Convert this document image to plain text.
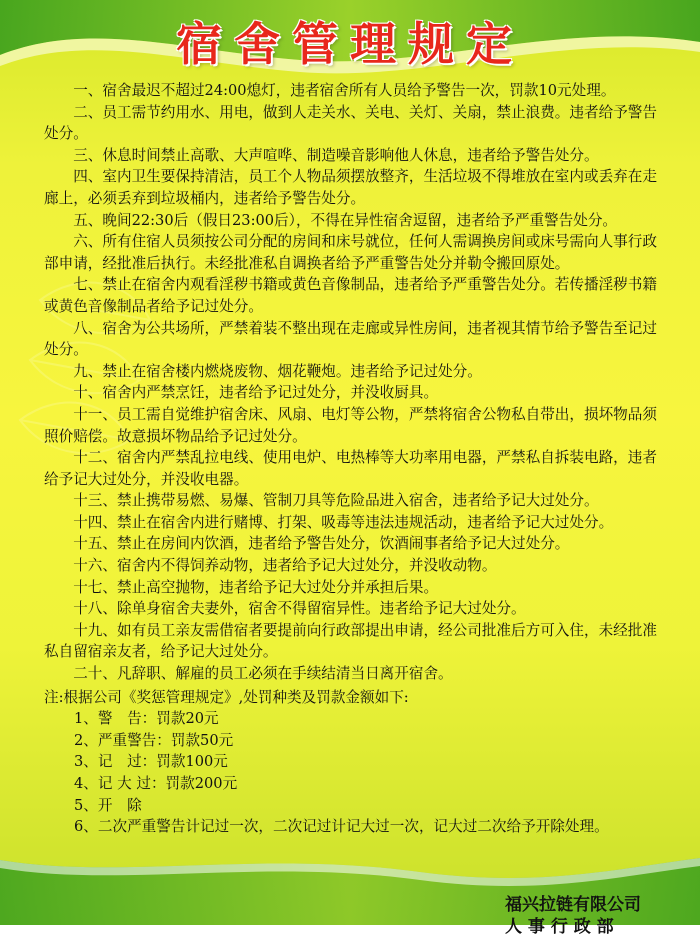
宿舍管理规定
一、宿舍最迟不超过24:00熄灯，违者宿舍所有人员给予警告一次，罚款10元处理。
二、员工需节约用水、用电，做到人走关水、关电、关灯、关扇，禁止浪费。违者给予警告处分。
三、休息时间禁止高歌、大声喧哗、制造噪音影响他人休息，违者给予警告处分。
四、室内卫生要保持清洁，员工个人物品须摆放整齐，生活垃圾不得堆放在室内或丢弃在走廊上，必须丢弃到垃圾桶内，违者给予警告处分。
五、晚间22:30后（假日23:00后），不得在异性宿舍逗留，违者给予严重警告处分。
六、所有住宿人员须按公司分配的房间和床号就位，任何人需调换房间或床号需向人事行政部申请，经批准后执行。未经批准私自调换者给予严重警告处分并勒令搬回原处。
七、禁止在宿舍内观看淫秽书籍或黄色音像制品，违者给予严重警告处分。若传播淫秽书籍或黄色音像制品者给予记过处分。
八、宿舍为公共场所，严禁着装不整出现在走廊或异性房间，违者视其情节给予警告至记过处分。
九、禁止在宿舍楼内燃烧废物、烟花鞭炮。违者给予记过处分。
十、宿舍内严禁烹饪，违者给予记过处分，并没收厨具。
十一、员工需自觉维护宿舍床、风扇、电灯等公物，严禁将宿舍公物私自带出，损坏物品须照价赔偿。故意损坏物品给予记过处分。
十二、宿舍内严禁乱拉电线、使用电炉、电热棒等大功率用电器，严禁私自拆装电路，违者给予记大过处分，并没收电器。
十三、禁止携带易燃、易爆、管制刀具等危险品进入宿舍，违者给予记大过处分。
十四、禁止在宿舍内进行赌博、打架、吸毒等违法违规活动，违者给予记大过处分。
十五、禁止在房间内饮酒，违者给予警告处分，饮酒闹事者给予记大过处分。
十六、宿舍内不得饲养动物，违者给予记大过处分，并没收动物。
十七、禁止高空抛物，违者给予记大过处分并承担后果。
十八、除单身宿舍夫妻外，宿舍不得留宿异性。违者给予记大过处分。
十九、如有员工亲友需借宿者要提前向行政部提出申请，经公司批准后方可入住，未经批准私自留宿亲友者，给予记大过处分。
二十、凡辞职、解雇的员工必须在手续结清当日离开宿舍。
注:根据公司《奖惩管理规定》,处罚种类及罚款金额如下:
1、警　告：罚款20元
2、严重警告：罚款50元
3、记　过：罚款100元
4、记 大 过：罚款200元
5、开　除
6、二次严重警告计记过一次，二次记过计记大过一次，记大过二次给予开除处理。
福兴拉链有限公司
人 事 行 政 部
